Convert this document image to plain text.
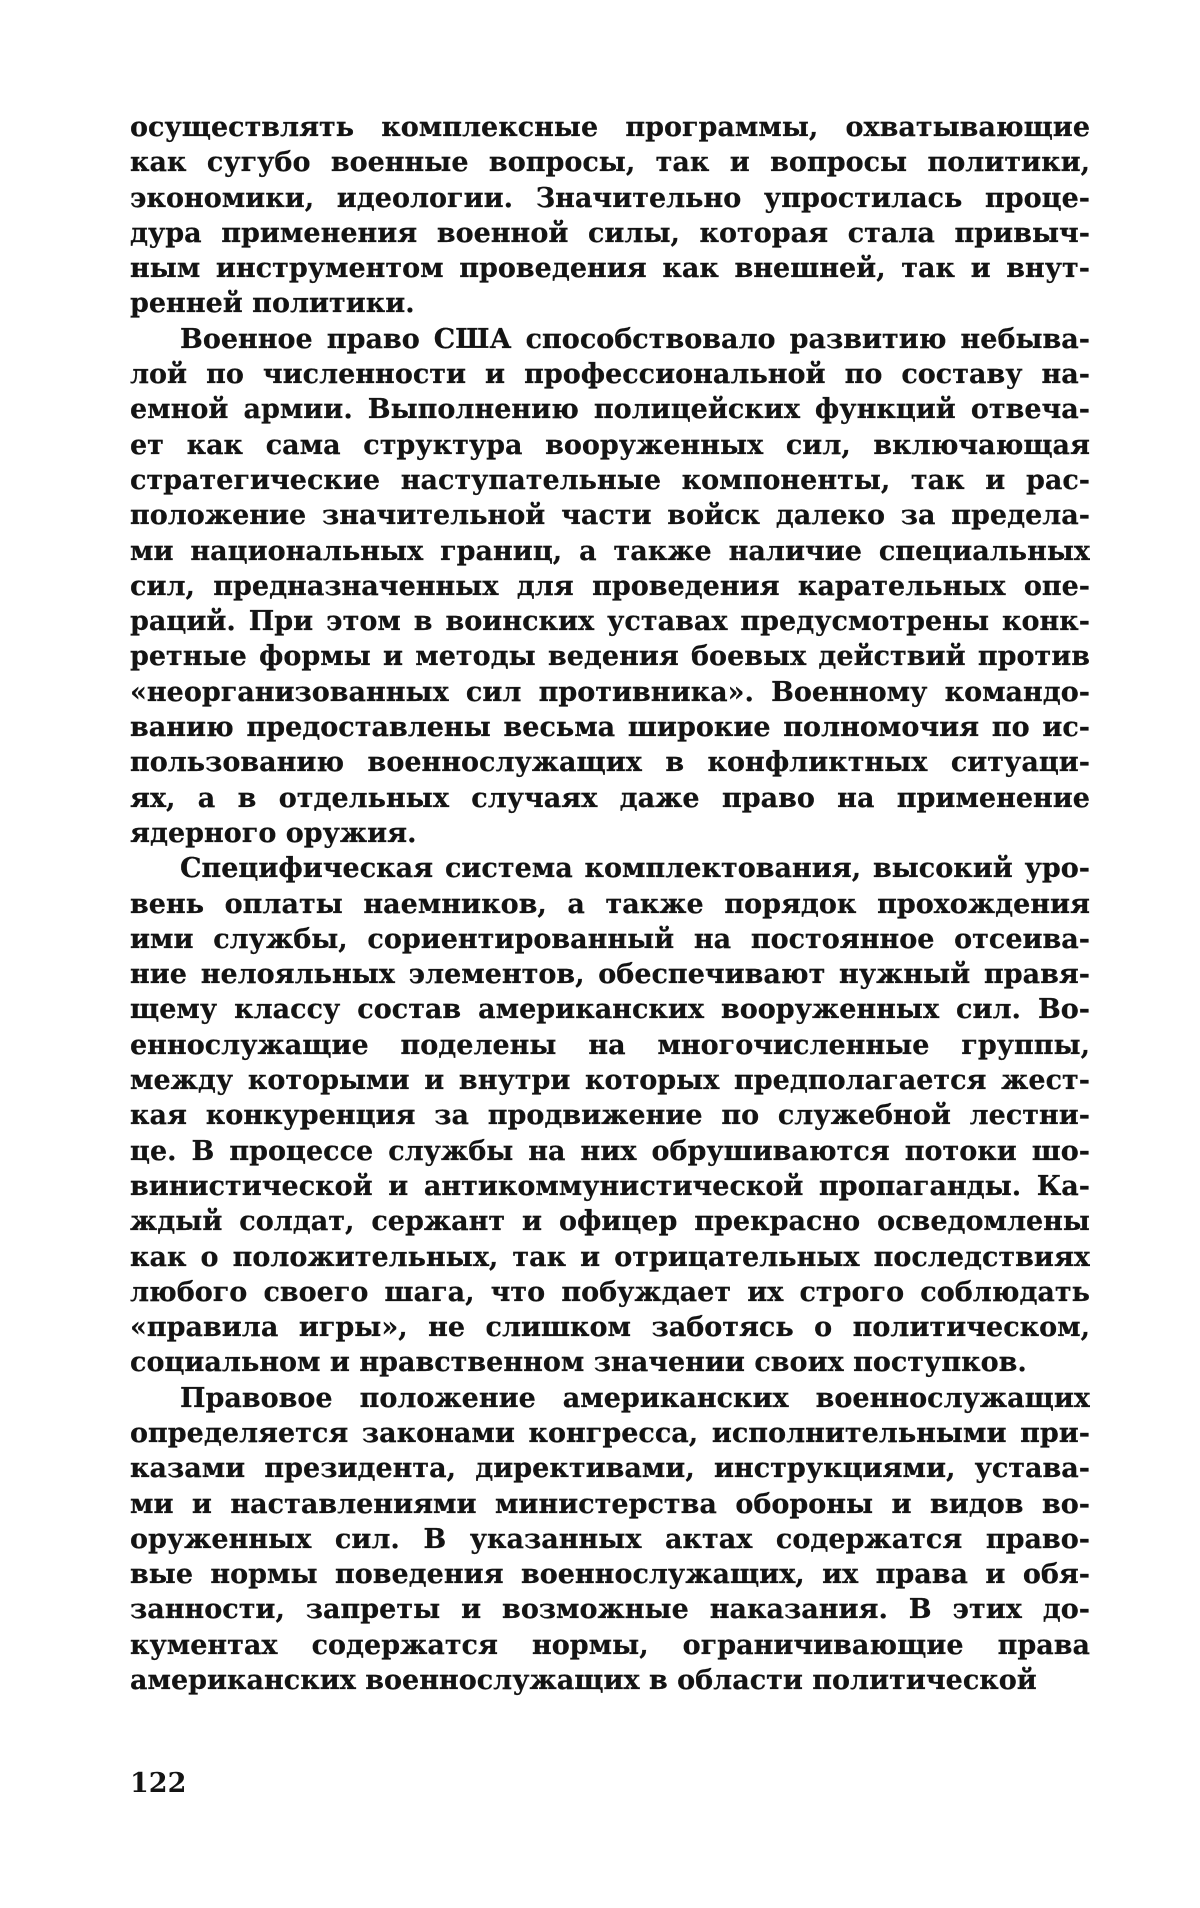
осуществлять комплексные программы, охватывающие
как сугубо военные вопросы, так и вопросы политики,
экономики, идеологии. Значительно упростилась проце-
дура применения военной силы, которая стала привыч-
ным инструментом проведения как внешней, так и внут-
ренней политики.

Военное право США способствовало развитию небыва-
лой по численности и профессиональной по составу на-
емной армии. Выполнению полицейских функций отвеча-
ет как сама структура вооруженных сил, включающая
стратегические наступательные компоненты, так и рас-
положение значительной части войск далеко за предела-
ми национальных границ, а также наличие специальных
сил, предназначенных для проведения карательных опе-
раций. При этом в воинских уставах предусмотрены конк-
ретные формы и методы ведения боевых действий против
«неорганизованных сил противника». Военному командо-
ванию предоставлены весьма широкие полномочия по ис-
пользованию военнослужащих в конфликтных ситуаци-
ях, а в отдельных случаях даже право на применение
ядерного оружия.

Специфическая система комплектования, высокий уро-
вень оплаты наемников, а также порядок прохождения
ими службы, сориентированный на постоянное отсеива-
ние нелояльных элементов, обеспечивают нужный правя-
щему классу состав американских вооруженных сил. Во-
еннослужащие поделены на многочисленные группы,
между которыми и внутри которых предполагается жест-
кая конкуренция за продвижение по служебной лестни-
це. В процессе службы на них обрушиваются потоки шо-
винистической и антикоммунистической пропаганды. Ка-
ждый солдат, сержант и офицер прекрасно осведомлены
как о положительных, так и отрицательных последствиях
любого своего шага, что побуждает их строго соблюдать
«правила игры», не слишком заботясь о политическом,
социальном и нравственном значении своих поступков.

Правовое положение американских военнослужащих
определяется законами конгресса, исполнительными при-
казами президента, директивами, инструкциями, устава-
ми и наставлениями министерства обороны и видов во-
оруженных сил. В указанных актах содержатся право-
вые нормы поведения военнослужащих, их права и обя-
занности, запреты и возможные наказания. В этих до-
кументах содержатся нормы, ограничивающие права
американских военнослужащих в области политической

122
